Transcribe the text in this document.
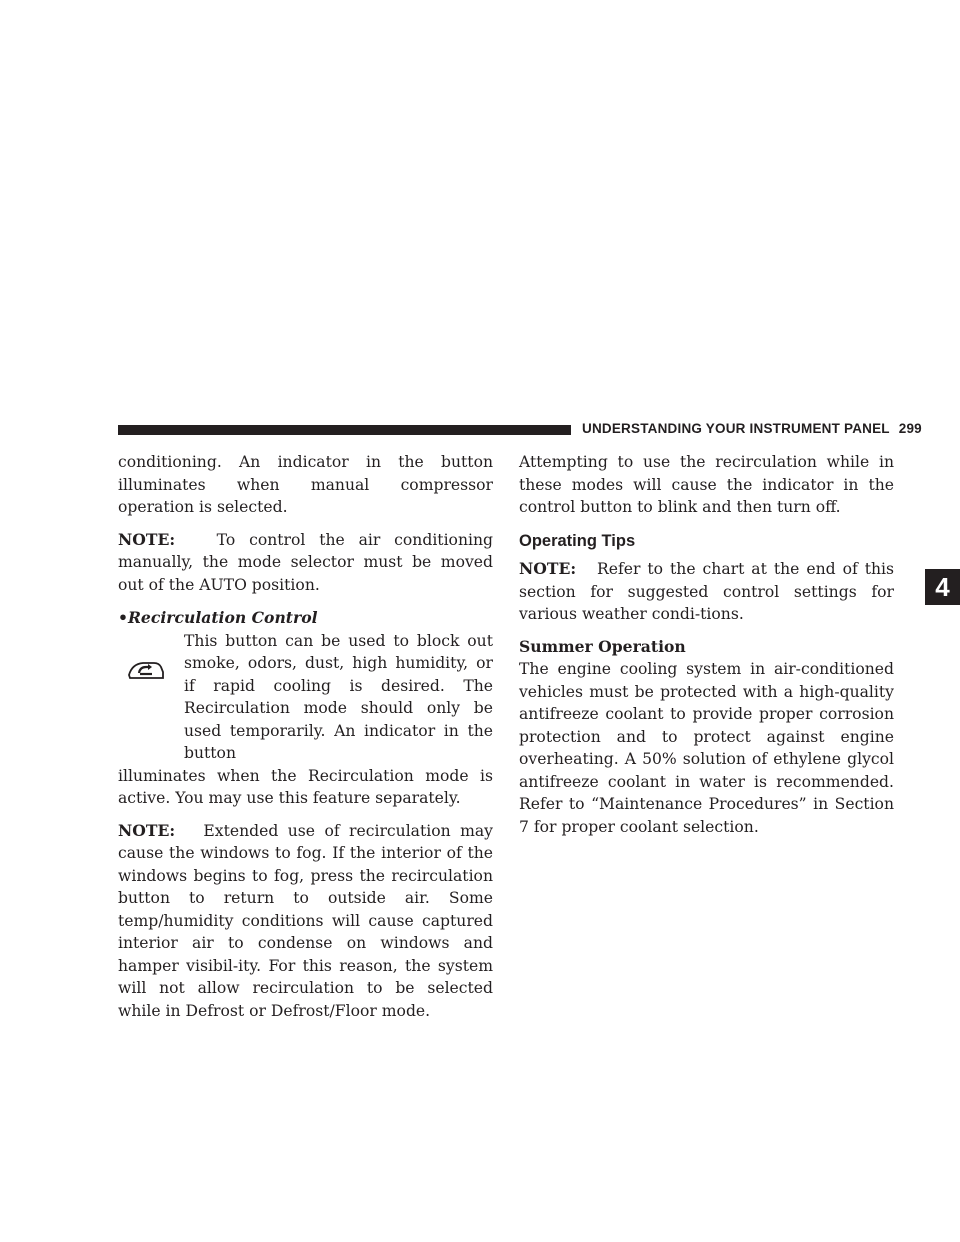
UNDERSTANDING YOUR INSTRUMENT PANEL 299

conditioning. An indicator in the button illuminates when manual compressor operation is selected.

NOTE:	To control the air conditioning manually, the mode selector must be moved out of the AUTO position.

•Recirculation Control

This button can be used to block out smoke, odors, dust, high humidity, or if rapid cooling is desired. The Recirculation mode should only be used temporarily. An indicator in the button

illuminates when the Recirculation mode is active. You may use this feature separately.

NOTE: Extended use of recirculation may cause the windows to fog. If the interior of the windows begins to fog, press the recirculation button to return to outside air. Some temp/humidity conditions will cause captured interior air to condense on windows and hamper visibil-ity. For this reason, the system will not allow recirculation to be selected while in Defrost or Defrost/Floor mode.

Attempting to use the recirculation while in these modes will cause the indicator in the control button to blink and then turn off.

Operating Tips

NOTE: Refer to the chart at the end of this section for suggested control settings for various weather condi-tions.

Summer Operation

The engine cooling system in air-conditioned vehicles must be protected with a high-quality antifreeze coolant to provide proper corrosion protection and to protect against engine overheating. A 50% solution of ethylene glycol antifreeze coolant in water is recommended. Refer to “Maintenance Procedures” in Section 7 for proper coolant selection.

4
